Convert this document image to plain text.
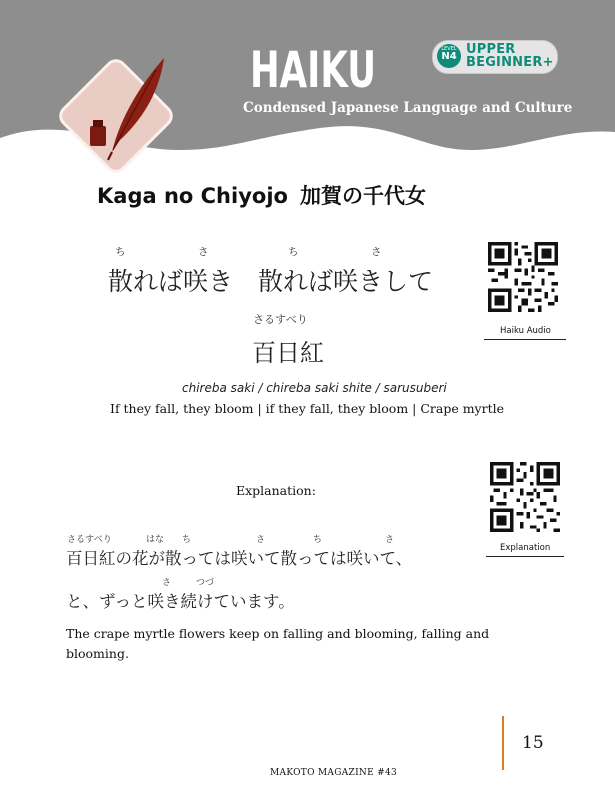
HAIKU	LEVEL
N4 UPPER
BEGINNER+
Condensed Japanese Language and Culture
Kaga no Chiyojo 加賀の千代女
ち	さ	ち	さ
散れば咲き　散れば咲きして
さるすべり
百日紅
chireba saki / chireba saki shite / sarusuberi
If they fall, they bloom | if they fall, they bloom | Crape myrtle
Haiku Audio
Explanation
Explanation:
さるすべり	はな ち	さ	ち	さ
百日紅の花が散っては咲いて散っては咲いて、
さ	つづ
と、ずっと咲き続けています。
The crape myrtle flowers keep on falling and blooming, falling and blooming.
15
MAKOTO MAGAZINE #43
